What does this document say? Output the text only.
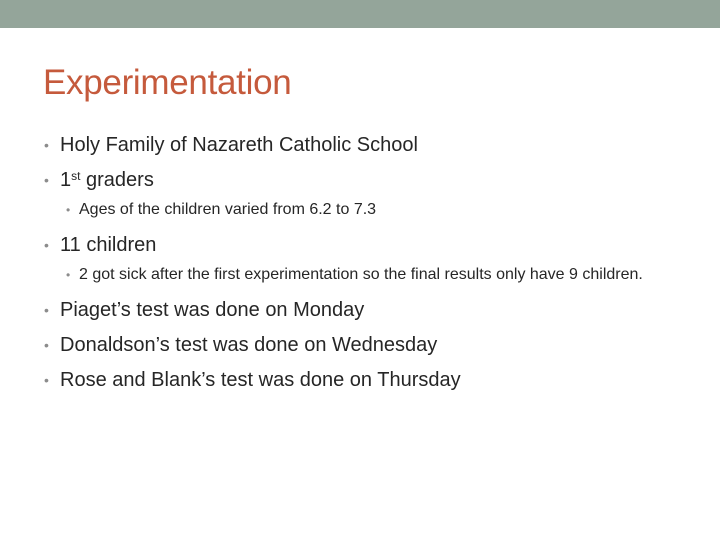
Experimentation
• Holy Family of Nazareth Catholic School
• 1st graders
• Ages of the children varied from 6.2 to 7.3
• 11 children
• 2 got sick after the first experimentation so the final results only have 9 children.
• Piaget’s test was done on Monday
• Donaldson’s test was done on Wednesday
• Rose and Blank’s test was done on Thursday
